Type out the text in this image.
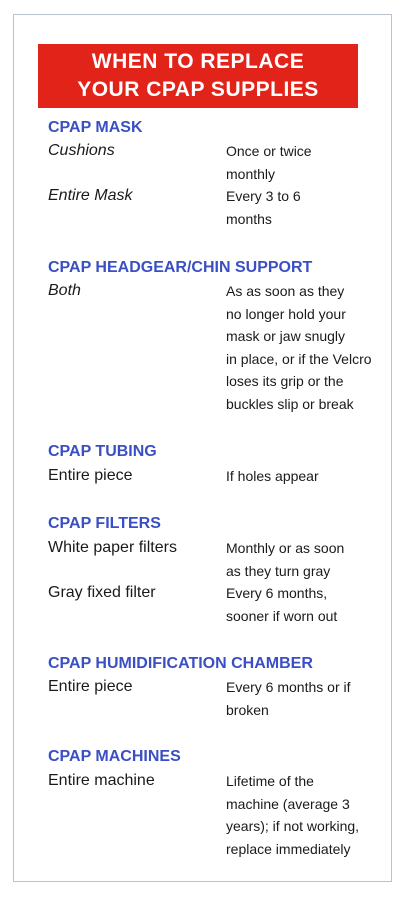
WHEN TO REPLACE
YOUR CPAP SUPPLIES
CPAP MASK
Cushions	Once or twice
monthly
Entire Mask	Every 3 to 6
months
CPAP HEADGEAR/CHIN SUPPORT
Both	As as soon as they
no longer hold your
mask or jaw snugly
in place, or if the Velcro
loses its grip or the
buckles slip or break
CPAP TUBING
Entire piece	If holes appear
CPAP FILTERS
White paper filters	Monthly or as soon
as they turn gray
Gray fixed filter	Every 6 months,
sooner if worn out
CPAP HUMIDIFICATION CHAMBER
Entire piece	Every 6 months or if
broken
CPAP MACHINES
Entire machine	Lifetime of the
machine (average 3
years); if not working,
replace immediately
